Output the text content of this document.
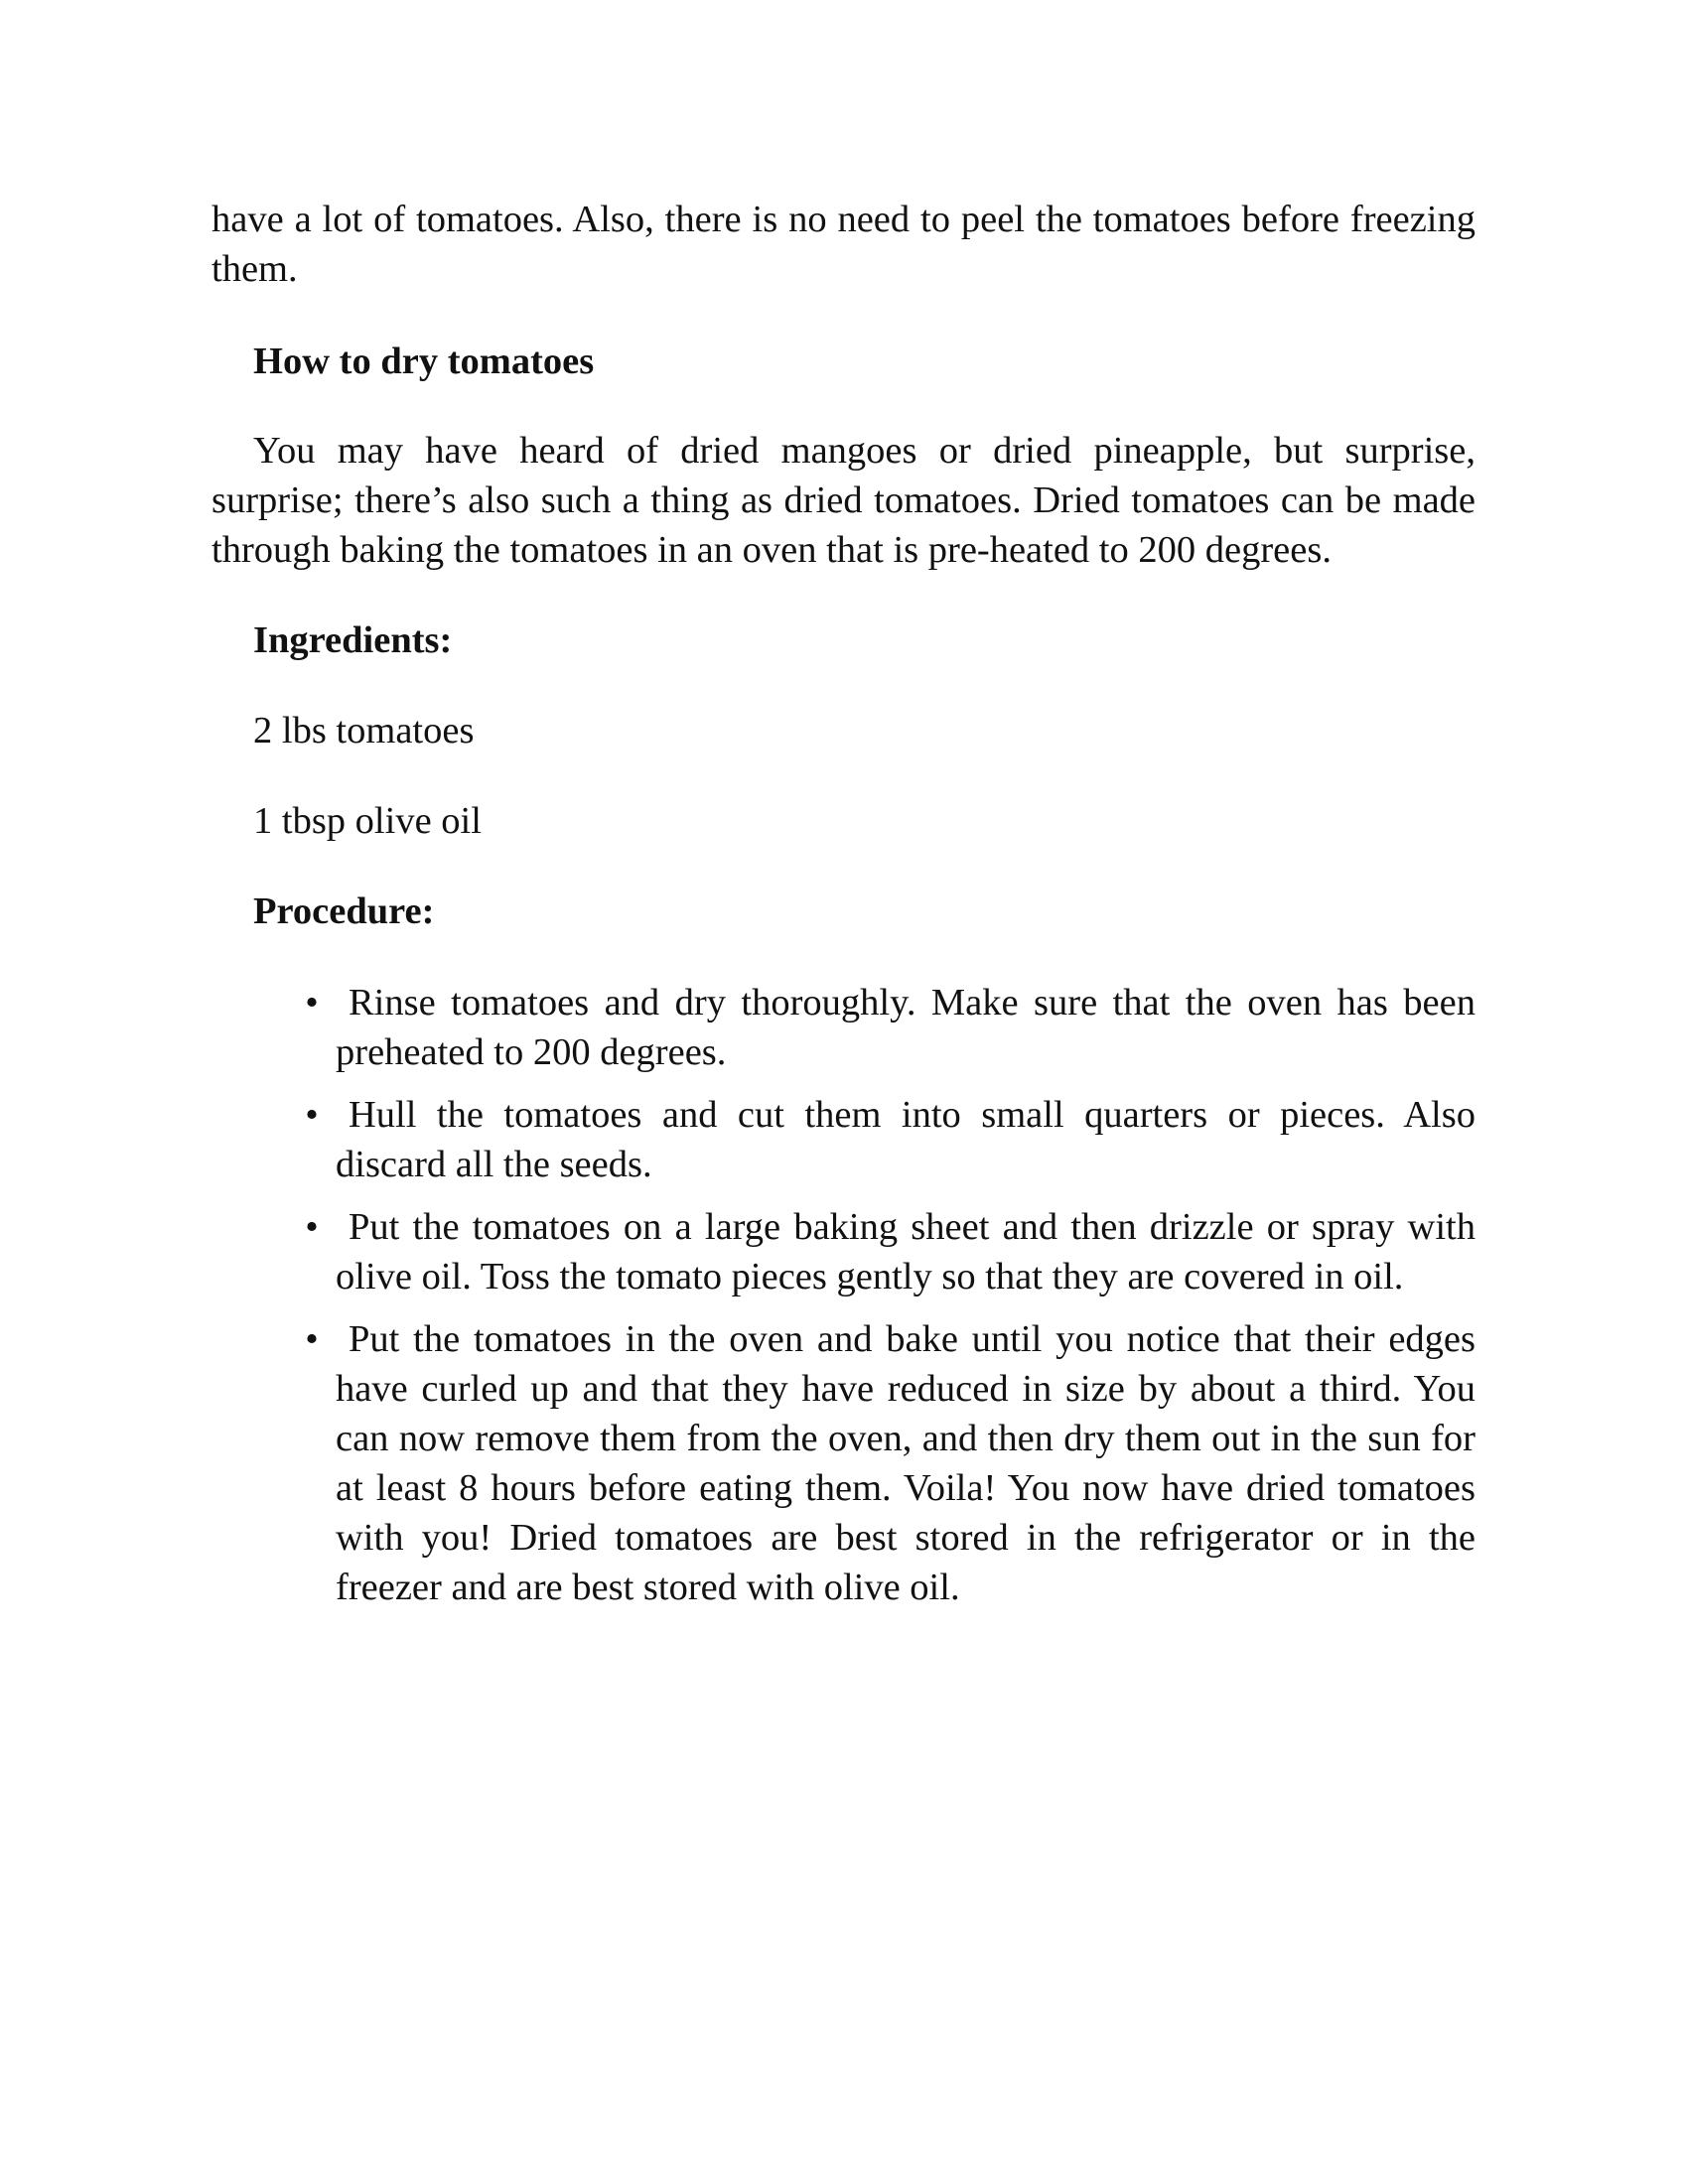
have a lot of tomatoes. Also, there is no need to peel the tomatoes before freezing them.

How to dry tomatoes

You may have heard of dried mangoes or dried pineapple, but surprise, surprise; there’s also such a thing as dried tomatoes. Dried tomatoes can be made through baking the tomatoes in an oven that is pre-heated to 200 degrees.

Ingredients:

2 lbs tomatoes

1 tbsp olive oil

Procedure:
• Rinse tomatoes and dry thoroughly. Make sure that the oven has been preheated to 200 degrees.
• Hull the tomatoes and cut them into small quarters or pieces. Also discard all the seeds.
• Put the tomatoes on a large baking sheet and then drizzle or spray with olive oil. Toss the tomato pieces gently so that they are covered in oil.
• Put the tomatoes in the oven and bake until you notice that their edges have curled up and that they have reduced in size by about a third. You can now remove them from the oven, and then dry them out in the sun for at least 8 hours before eating them. Voila! You now have dried tomatoes with you! Dried tomatoes are best stored in the refrigerator or in the freezer and are best stored with olive oil.
